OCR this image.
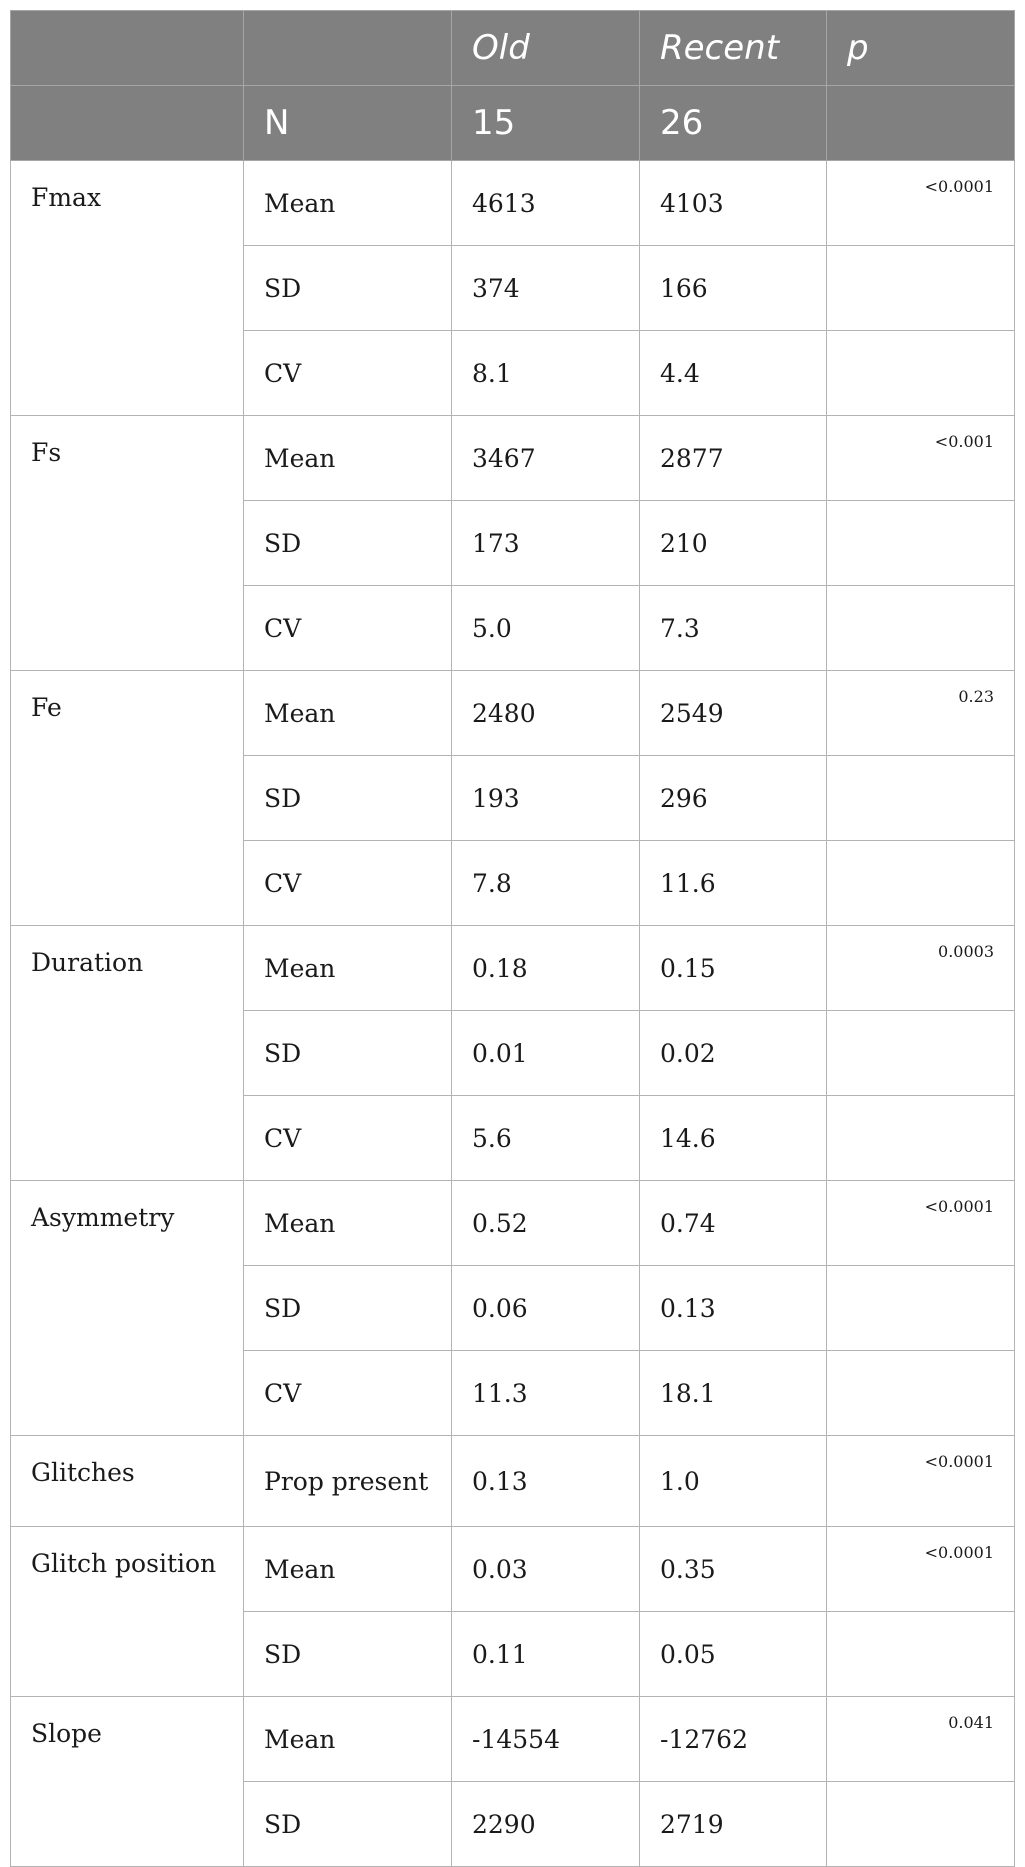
		Old	Recent	p
	N	15	26	
Fmax	Mean	4613	4103	<0.0001
	SD	374	166	
	CV	8.1	4.4	
Fs	Mean	3467	2877	<0.001
	SD	173	210	
	CV	5.0	7.3	
Fe	Mean	2480	2549	0.23
	SD	193	296	
	CV	7.8	11.6	
Duration	Mean	0.18	0.15	0.0003
	SD	0.01	0.02	
	CV	5.6	14.6	
Asymmetry	Mean	0.52	0.74	<0.0001
	SD	0.06	0.13	
	CV	11.3	18.1	
Glitches	Prop present	0.13	1.0	<0.0001
Glitch position	Mean	0.03	0.35	<0.0001
	SD	0.11	0.05	
Slope	Mean	-14554	-12762	0.041
	SD	2290	2719	
